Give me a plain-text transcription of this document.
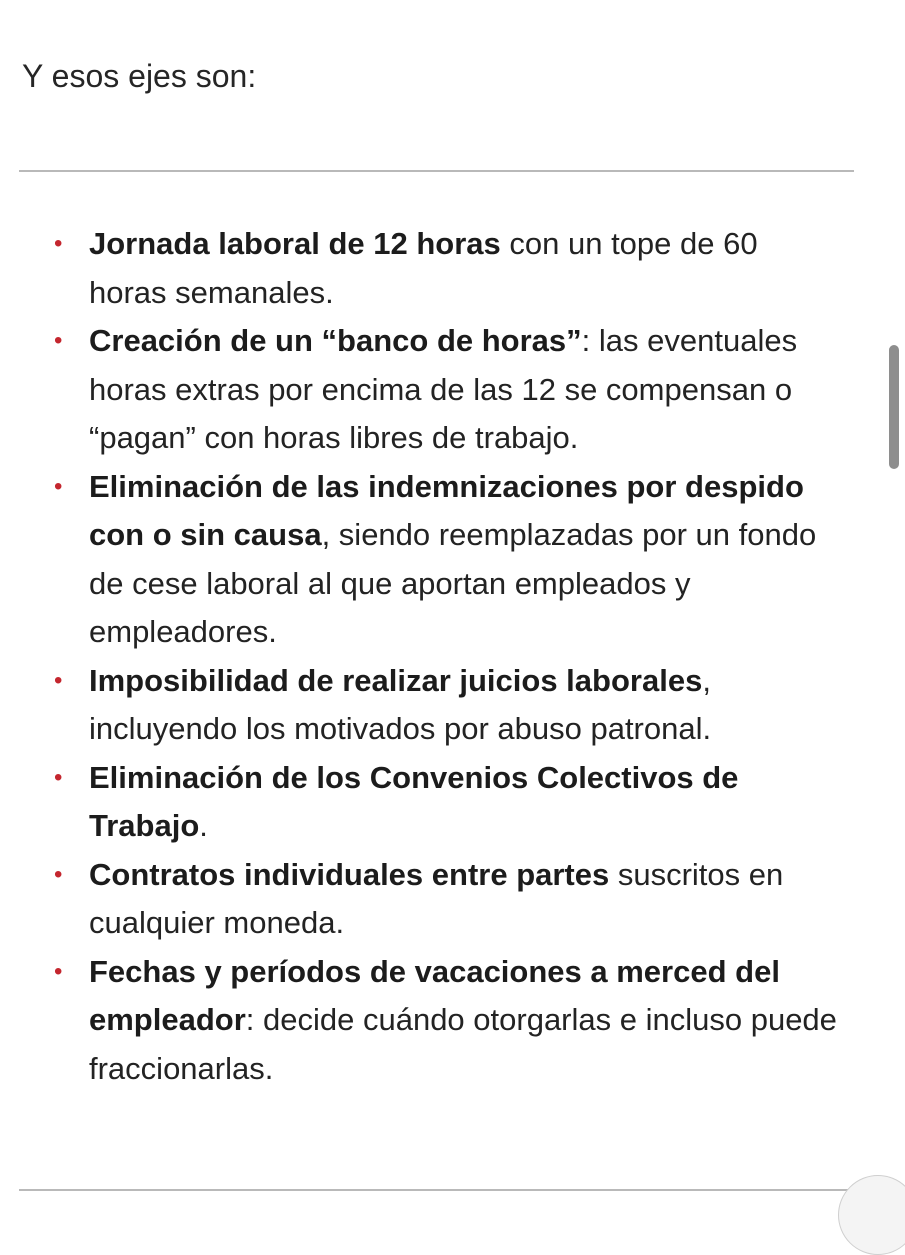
Y esos ejes son:
• Jornada laboral de 12 horas con un tope de 60 horas semanales.
• Creación de un “banco de horas”: las eventuales horas extras por encima de las 12 se compensan o “pagan” con horas libres de trabajo.
• Eliminación de las indemnizaciones por despido con o sin causa, siendo reemplazadas por un fondo de cese laboral al que aportan empleados y empleadores.
• Imposibilidad de realizar juicios laborales, incluyendo los motivados por abuso patronal.
• Eliminación de los Convenios Colectivos de Trabajo.
• Contratos individuales entre partes suscritos en cualquier moneda.
• Fechas y períodos de vacaciones a merced del empleador: decide cuándo otorgarlas e incluso puede fraccionarlas.
